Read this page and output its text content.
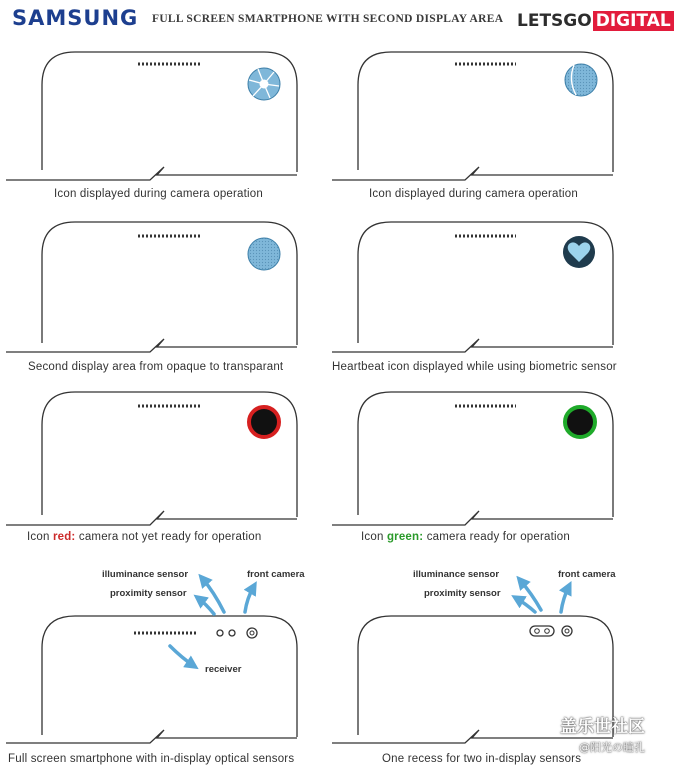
SAMSUNG FULL SCREEN SMARTPHONE WITH SECOND DISPLAY AREA LETSGO DIGITAL
Icon displayed during camera operation	Icon displayed during camera operation
Second display area from opaque to transparant	Heartbeat icon displayed while using biometric sensor
Icon red: camera not yet ready for operation	Icon green: camera ready for operation
Full screen smartphone with in-display optical sensors	One recess for two in-display sensors
illuminance sensor
proximity sensor
front camera
receiver
illuminance sensor
proximity sensor
front camera
盖乐世社区
@阳光の瞳孔
